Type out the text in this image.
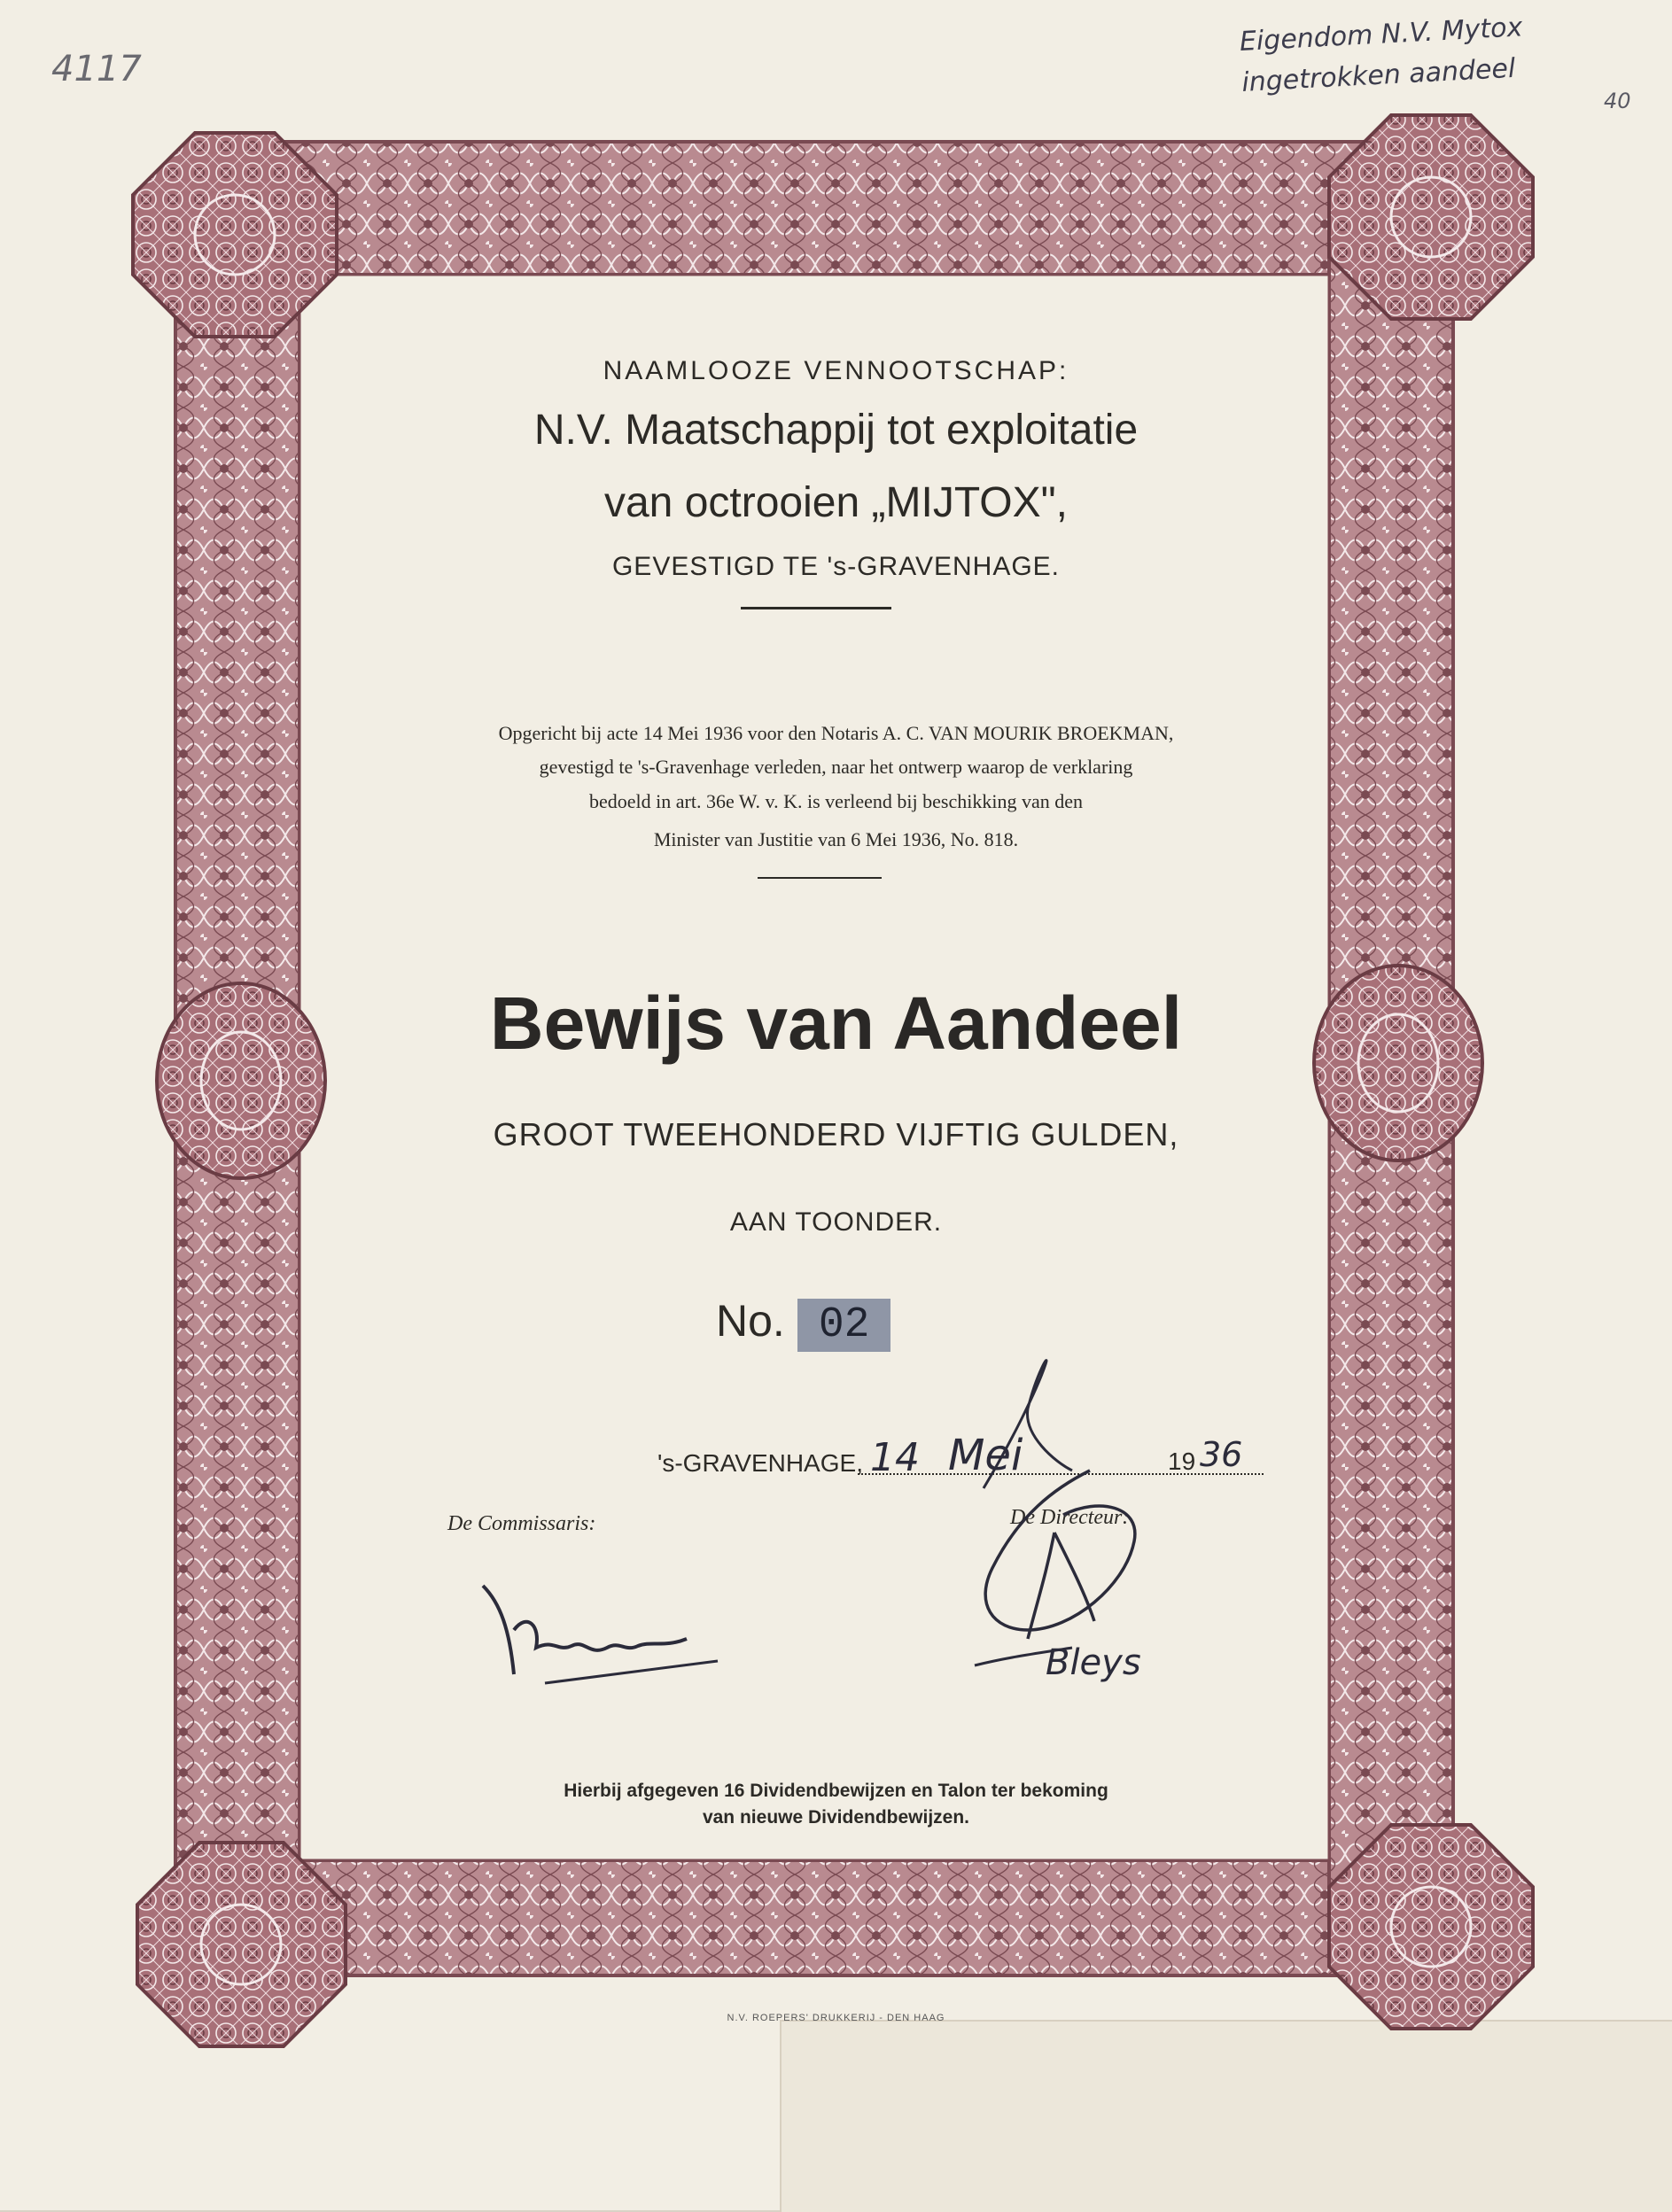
4117
Eigendom N.V. Mytox ingetrokken aandeel
40
NAAMLOOZE VENNOOTSCHAP:
N.V. Maatschappij tot exploitatie
van octrooien „MIJTOX",
GEVESTIGD TE 's-GRAVENHAGE.
Opgericht bij acte 14 Mei 1936 voor den Notaris A. C. VAN MOURIK BROEKMAN,
gevestigd te 's-Gravenhage verleden, naar het ontwerp waarop de verklaring
bedoeld in art. 36e W. v. K. is verleend bij beschikking van den
Minister van Justitie van 6 Mei 1936, No. 818.
Bewijs van Aandeel
GROOT TWEEHONDERD VIJFTIG GULDEN,
AAN TOONDER.
No. 02
's-GRAVENHAGE, 14 Mei	19 36
De Commissaris:	De Directeur:
Hierbij afgegeven 16 Dividendbewijzen en Talon ter bekoming
van nieuwe Dividendbewijzen.
N.V. ROEPERS' DRUKKERIJ - DEN HAAG
Bleys
